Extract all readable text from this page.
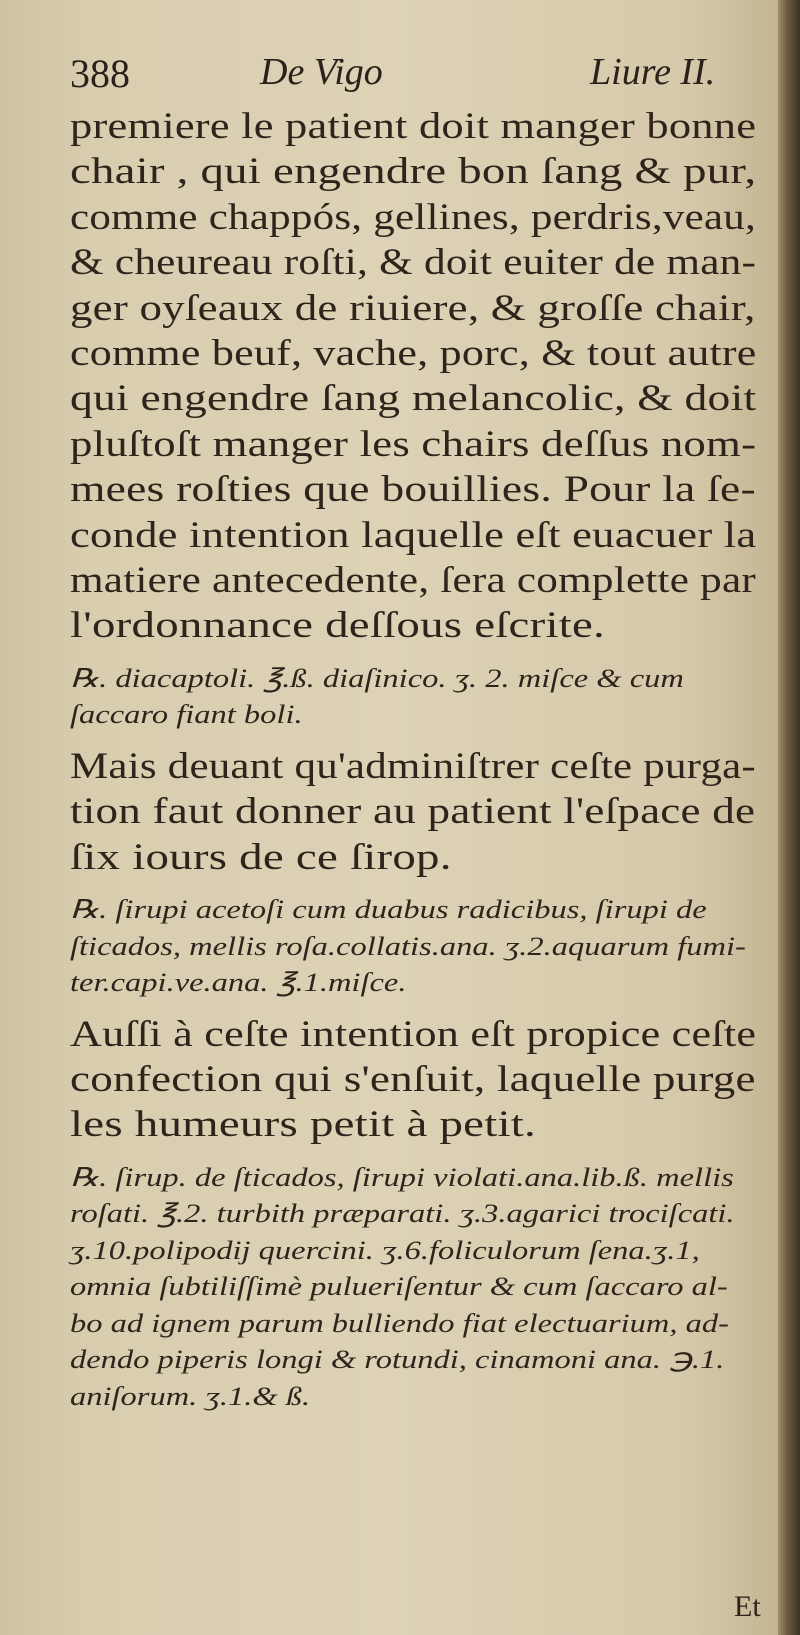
388	De Vigo	Liure II.
premiere le patient doit manger bonne
chair , qui engendre bon ſang & pur,
comme chappós, gellines, perdris,veau,
& cheureau roſti, & doit euiter de man-
ger oyſeaux de riuiere, & groſſe chair,
comme beuf, vache, porc, & tout autre
qui engendre ſang melancolic, & doit
pluſtoſt manger les chairs deſſus nom-
mees roſties que bouillies. Pour la ſe-
conde intention laquelle eſt euacuer la
matiere antecedente, ſera complette par
l'ordonnance deſſous eſcrite.
℞. diacaptoli. ℥.ß. diaſinico. ʒ. 2. miſce & cum
ſaccaro fiant boli.
Mais deuant qu'adminiſtrer ceſte purga-
tion faut donner au patient l'eſpace de
ſix iours de ce ſirop.
℞. ſirupi acetoſi cum duabus radicibus, ſirupi de
ſticados, mellis roſa.collatis.ana. ʒ.2.aquarum fumi-
ter.capi.ve.ana. ℥.1.miſce.
Auſſi à ceſte intention eſt propice ceſte
confection qui s'enſuit, laquelle purge
les humeurs petit à petit.
℞. ſirup. de ſticados, ſirupi violati.ana.lib.ß. mellis
roſati. ℥.2. turbith præparati. ʒ.3.agarici trociſcati.
ʒ.10.polipodij quercini. ʒ.6.foliculorum ſena.ʒ.1,
omnia ſubtiliſſimè pulueriſentur & cum ſaccaro al-
bo ad ignem parum bulliendo fiat electuarium, ad-
dendo piperis longi & rotundi, cinamoni ana. ℈.1.
aniſorum. ʒ.1.& ß.
Et
